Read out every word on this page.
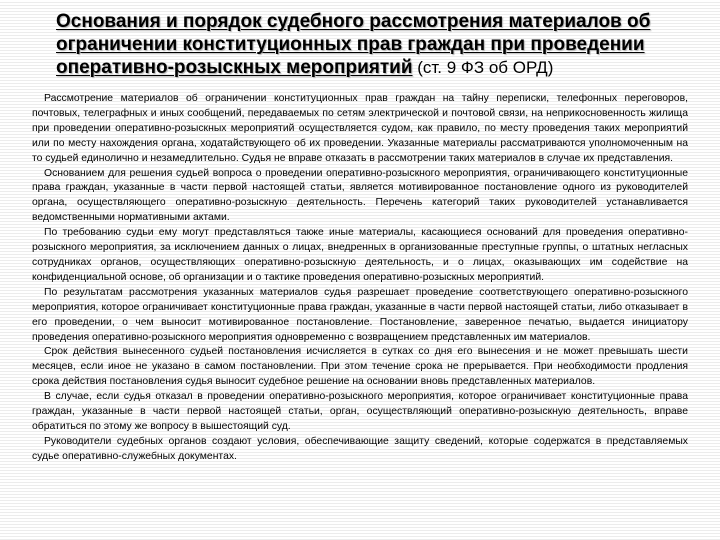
Основания и порядок судебного рассмотрения материалов об ограничении конституционных прав граждан при проведении оперативно-розыскных мероприятий (ст. 9 ФЗ об ОРД)

Рассмотрение материалов об ограничении конституционных прав граждан на тайну переписки, телефонных переговоров, почтовых, телеграфных и иных сообщений, передаваемых по сетям электрической и почтовой связи, на неприкосновенность жилища при проведении оперативно-розыскных мероприятий осуществляется судом, как правило, по месту проведения таких мероприятий или по месту нахождения органа, ходатайствующего об их проведении. Указанные материалы рассматриваются уполномоченным на то судьей единолично и незамедлительно. Судья не вправе отказать в рассмотрении таких материалов в случае их представления.

Основанием для решения судьей вопроса о проведении оперативно-розыскного мероприятия, ограничивающего конституционные права граждан, указанные в части первой настоящей статьи, является мотивированное постановление одного из руководителей органа, осуществляющего оперативно-розыскную деятельность. Перечень категорий таких руководителей устанавливается ведомственными нормативными актами.

По требованию судьи ему могут представляться также иные материалы, касающиеся оснований для проведения оперативно-розыскного мероприятия, за исключением данных о лицах, внедренных в организованные преступные группы, о штатных негласных сотрудниках органов, осуществляющих оперативно-розыскную деятельность, и о лицах, оказывающих им содействие на конфиденциальной основе, об организации и о тактике проведения оперативно-розыскных мероприятий.

По результатам рассмотрения указанных материалов судья разрешает проведение соответствующего оперативно-розыскного мероприятия, которое ограничивает конституционные права граждан, указанные в части первой настоящей статьи, либо отказывает в его проведении, о чем выносит мотивированное постановление. Постановление, заверенное печатью, выдается инициатору проведения оперативно-розыскного мероприятия одновременно с возвращением представленных им материалов.

Срок действия вынесенного судьей постановления исчисляется в сутках со дня его вынесения и не может превышать шести месяцев, если иное не указано в самом постановлении. При этом течение срока не прерывается. При необходимости продления срока действия постановления судья выносит судебное решение на основании вновь представленных материалов.

В случае, если судья отказал в проведении оперативно-розыскного мероприятия, которое ограничивает конституционные права граждан, указанные в части первой настоящей статьи, орган, осуществляющий оперативно-розыскную деятельность, вправе обратиться по этому же вопросу в вышестоящий суд.

Руководители судебных органов создают условия, обеспечивающие защиту сведений, которые содержатся в представляемых судье оперативно-служебных документах.
